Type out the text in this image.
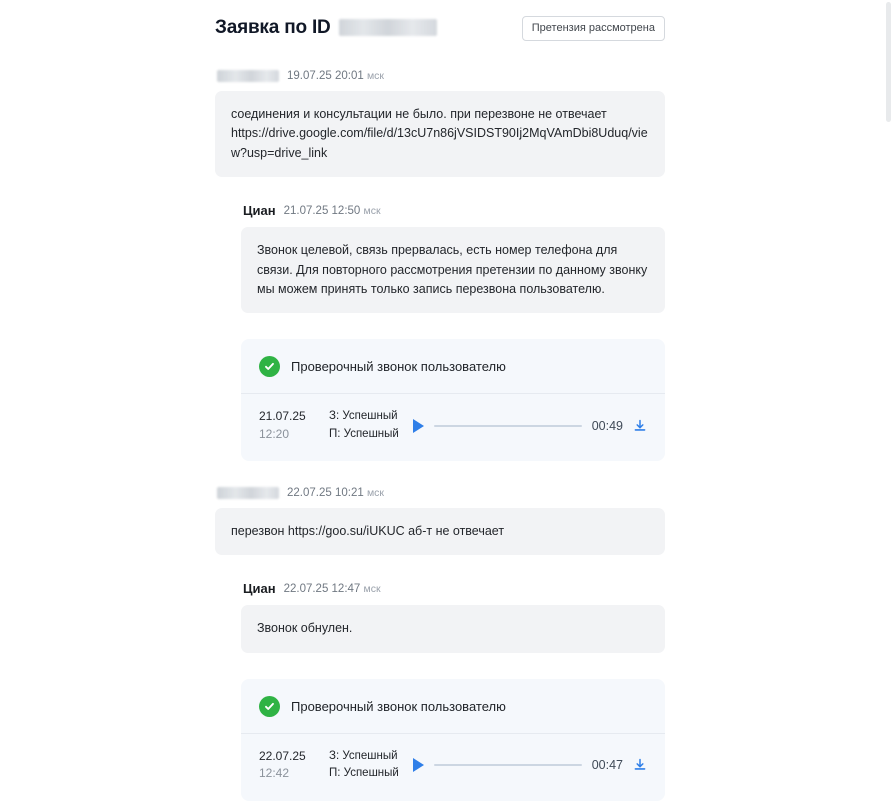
Заявка по ID	Претензия рассмотрена
19.07.25 20:01 мск
соединения и консультации не было. при перезвоне не отвечает https://drive.google.com/file/d/13cU7n86jVSIDST90Ij2MqVAmDbi8Uduq/view?usp=drive_link
Циан 21.07.25 12:50 мск
Звонок целевой, связь прервалась, есть номер телефона для связи. Для повторного рассмотрения претензии по данному звонку мы можем принять только запись перезвона пользователю.
Проверочный звонок пользователю
21.07.25
12:20
З: Успешный
П: Успешный
00:49
22.07.25 10:21 мск
перезвон https://goo.su/iUKUC аб-т не отвечает
Циан 22.07.25 12:47 мск
Звонок обнулен.
Проверочный звонок пользователю
22.07.25
12:42
З: Успешный
П: Успешный
00:47
